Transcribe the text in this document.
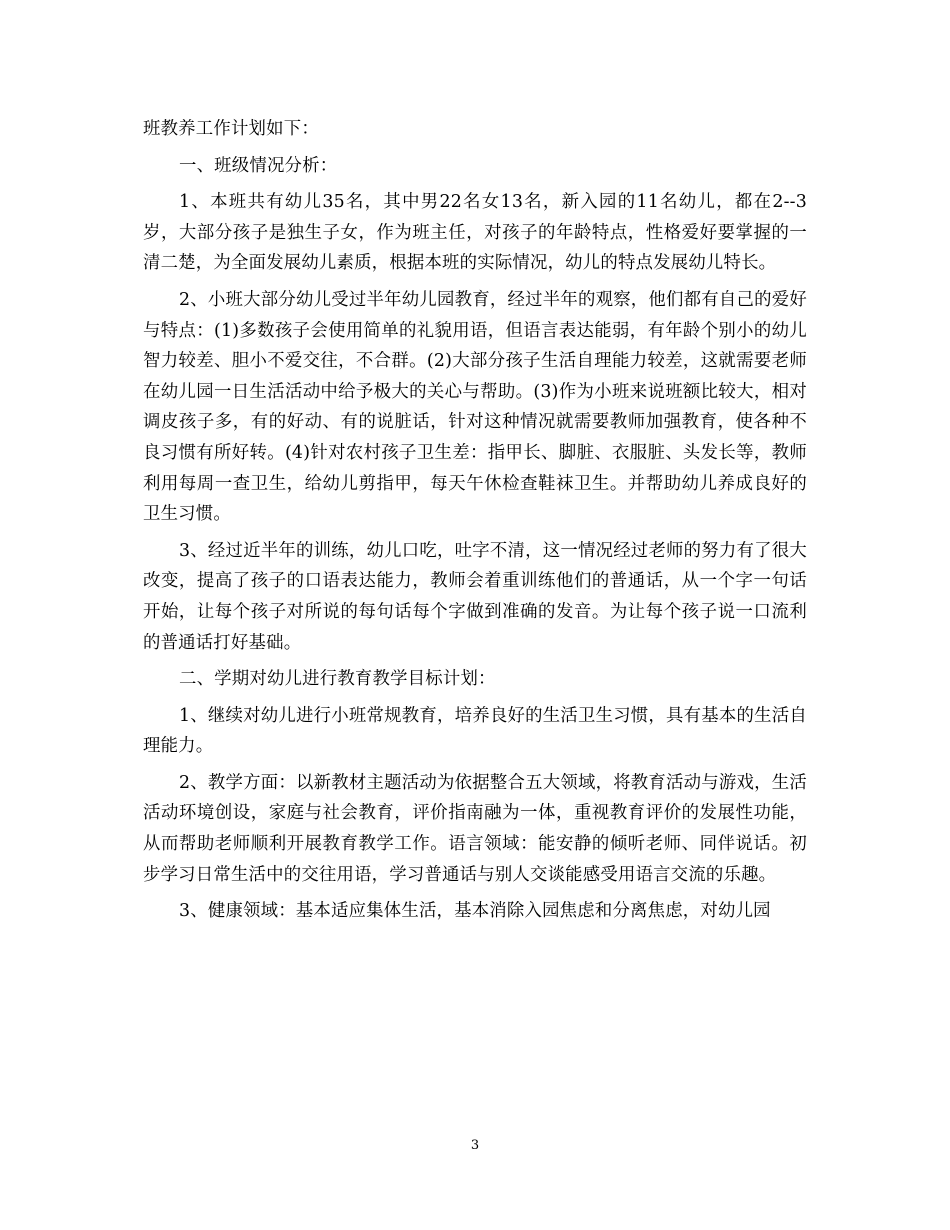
班教养工作计划如下：

一、班级情况分析：

1、本班共有幼儿35名，其中男22名女13名，新入园的11名幼儿，都在2--3岁，大部分孩子是独生子女，作为班主任，对孩子的年龄特点，性格爱好要掌握的一清二楚，为全面发展幼儿素质，根据本班的实际情况，幼儿的特点发展幼儿特长。

2、小班大部分幼儿受过半年幼儿园教育，经过半年的观察，他们都有自己的爱好与特点：(1)多数孩子会使用简单的礼貌用语，但语言表达能弱，有年龄个别小的幼儿智力较差、胆小不爱交往，不合群。(2)大部分孩子生活自理能力较差，这就需要老师在幼儿园一日生活活动中给予极大的关心与帮助。(3)作为小班来说班额比较大，相对调皮孩子多，有的好动、有的说脏话，针对这种情况就需要教师加强教育，使各种不良习惯有所好转。(4)针对农村孩子卫生差：指甲长、脚脏、衣服脏、头发长等，教师利用每周一查卫生，给幼儿剪指甲，每天午休检查鞋袜卫生。并帮助幼儿养成良好的卫生习惯。

3、经过近半年的训练，幼儿口吃，吐字不清，这一情况经过老师的努力有了很大改变，提高了孩子的口语表达能力，教师会着重训练他们的普通话，从一个字一句话开始，让每个孩子对所说的每句话每个字做到准确的发音。为让每个孩子说一口流利的普通话打好基础。

二、学期对幼儿进行教育教学目标计划：

1、继续对幼儿进行小班常规教育，培养良好的生活卫生习惯，具有基本的生活自理能力。

2、教学方面：以新教材主题活动为依据整合五大领域，将教育活动与游戏，生活活动环境创设，家庭与社会教育，评价指南融为一体，重视教育评价的发展性功能，从而帮助老师顺利开展教育教学工作。语言领域：能安静的倾听老师、同伴说话。初步学习日常生活中的交往用语，学习普通话与别人交谈能感受用语言交流的乐趣。

3、健康领域：基本适应集体生活，基本消除入园焦虑和分离焦虑，对幼儿园

3
